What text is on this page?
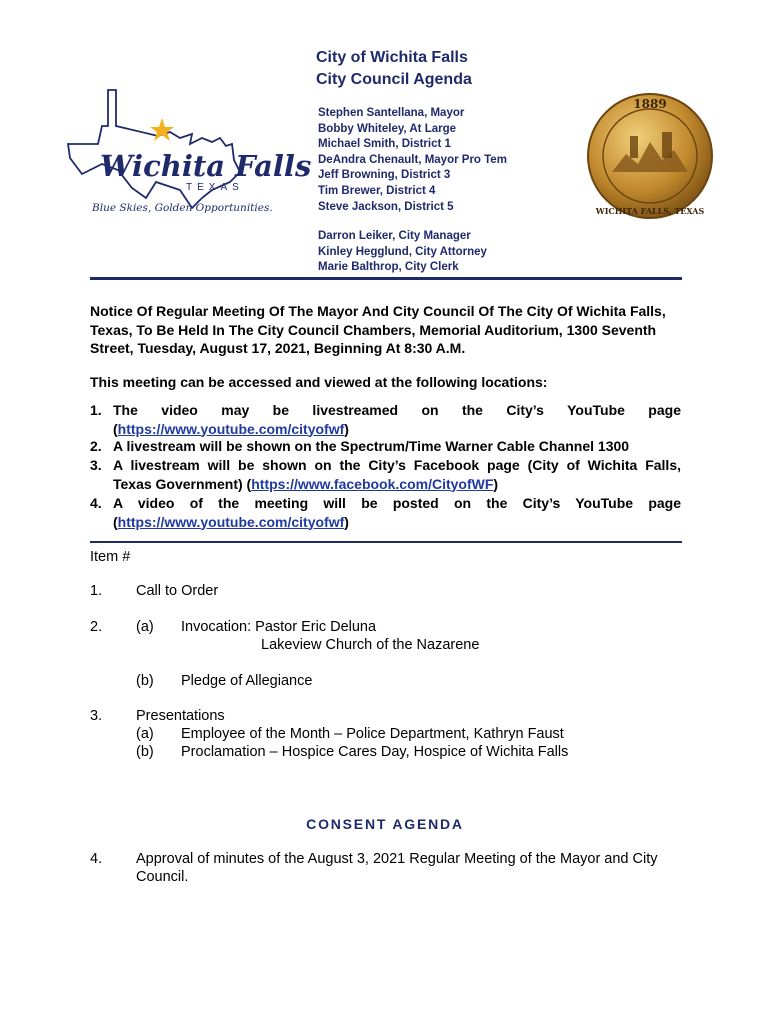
Wichita Falls
TEXAS
Blue Skies, Golden Opportunities.
1889
WICHITA FALLS, TEXAS
City of Wichita Falls
City Council Agenda
Stephen Santellana, Mayor
Bobby Whiteley, At Large
Michael Smith, District 1
DeAndra Chenault, Mayor Pro Tem
Jeff Browning, District 3
Tim Brewer, District 4
Steve Jackson, District 5
Darron Leiker, City Manager
Kinley Hegglund, City Attorney
Marie Balthrop, City Clerk
Notice Of Regular Meeting Of The Mayor And City Council Of The City Of Wichita Falls, Texas, To Be Held In The City Council Chambers, Memorial Auditorium, 1300 Seventh Street, Tuesday, August 17, 2021, Beginning At 8:30 A.M.
This meeting can be accessed and viewed at the following locations:
1. The video may be livestreamed on the City’s YouTube page
(https://www.youtube.com/cityofwf)
2. A livestream will be shown on the Spectrum/Time Warner Cable Channel 1300
3. A livestream will be shown on the City’s Facebook page (City of Wichita Falls,
Texas Government) (https://www.facebook.com/CityofWF)
4. A video of the meeting will be posted on the City’s YouTube page
(https://www.youtube.com/cityofwf)
Item #
1. Call to Order
2. (a) Invocation: Pastor Eric Deluna
Lakeview Church of the Nazarene
(b) Pledge of Allegiance
3. Presentations
(a) Employee of the Month – Police Department, Kathryn Faust
(b) Proclamation – Hospice Cares Day, Hospice of Wichita Falls
CONSENT AGENDA
4. Approval of minutes of the August 3, 2021 Regular Meeting of the Mayor and City
Council.
